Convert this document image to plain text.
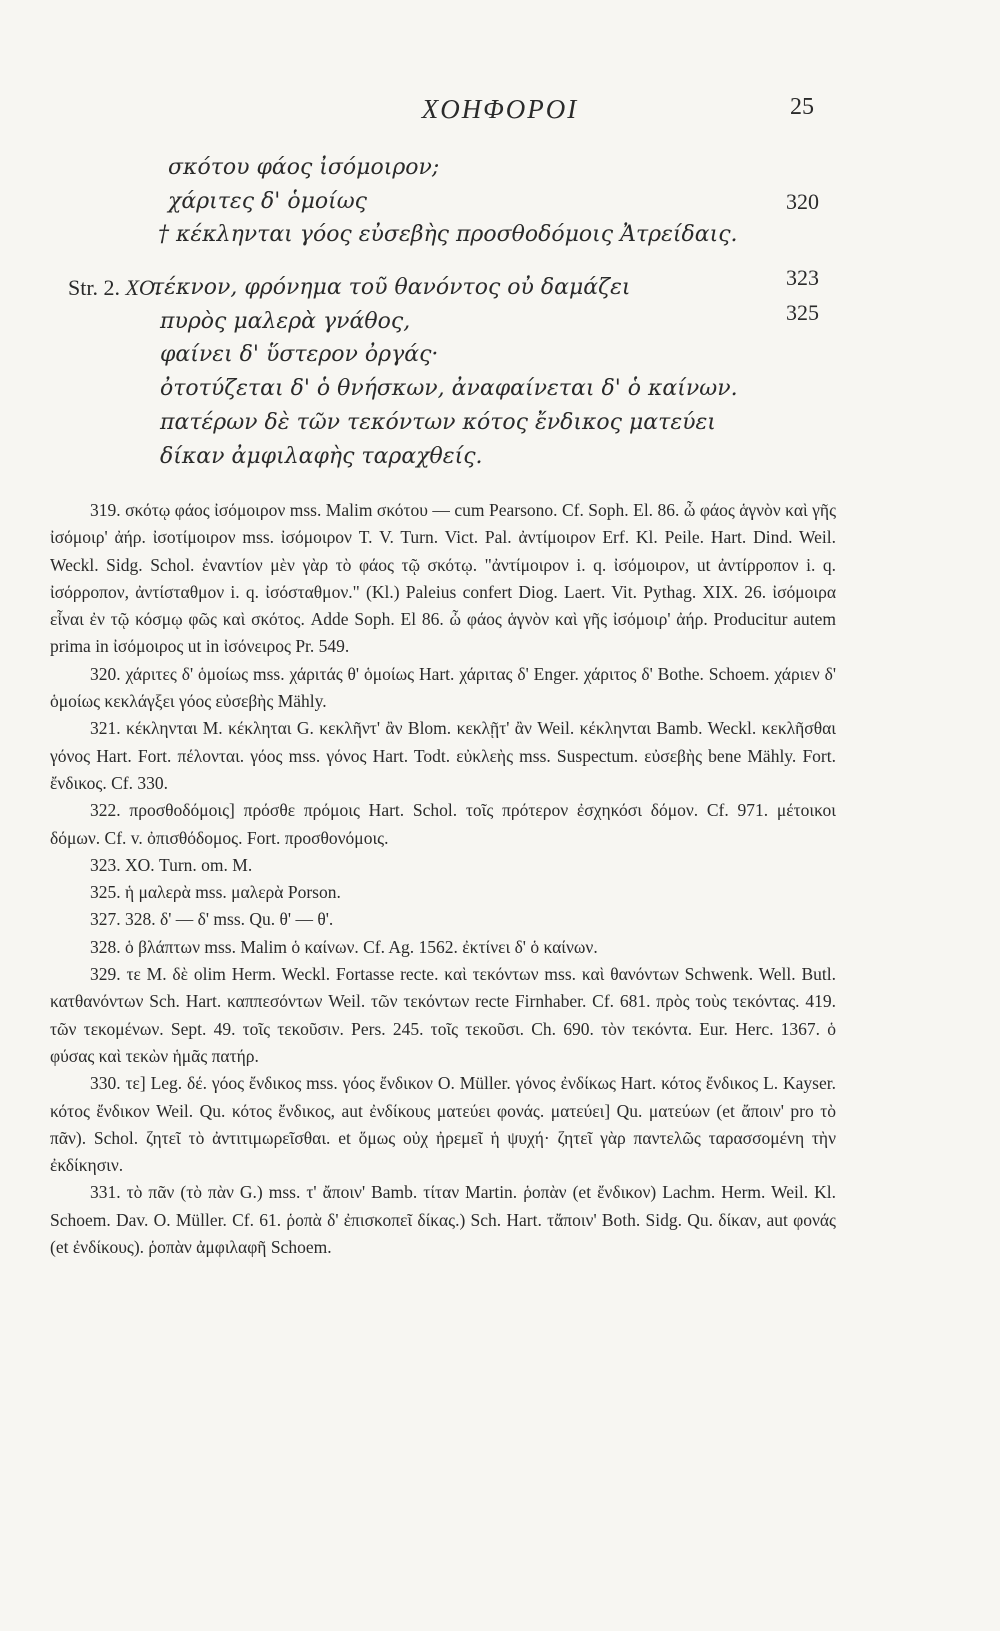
ΧΟΗΦΟΡΟΙ	25
Str. 2. ΧΟ.
σκότου φάος ἰσόμοιρον;
χάριτες δ' ὁμοίως
† κέκληνται γόος εὐσεβὴς προσθοδόμοις Ἀτρείδαις.
τέκνον, φρόνημα τοῦ θανόντος οὐ δαμάζει
πυρὸς μαλερὰ γνάθος,
φαίνει δ' ὕστερον ὀργάς·
ὀτοτύζεται δ' ὁ θνήσκων, ἀναφαίνεται δ' ὁ καίνων.
πατέρων δὲ τῶν τεκόντων κότος ἔνδικος ματεύει
δίκαν ἀμφιλαφὴς ταραχθείς.
320
323
325

319. σκότῳ φάος ἰσόμοιρον mss. Malim σκότου — cum Pearsono. Cf. Soph. El. 86. ὦ φάος ἁγνὸν καὶ γῆς ἰσόμοιρ' ἀήρ. ἰσοτίμοιρον mss. ἰσόμοιρον T. V. Turn. Vict. Pal. ἀντίμοιρον Erf. Kl. Peile. Hart. Dind. Weil. Weckl. Sidg. Schol. ἐναντίον μὲν γὰρ τὸ φάος τῷ σκότῳ. "ἀντίμοιρον i. q. ἰσόμοιρον, ut ἀντίρροπον i. q. ἰσόρροπον, ἀντίσταθμον i. q. ἰσόσταθμον." (Kl.) Paleius confert Diog. Laert. Vit. Pythag. XIX. 26. ἰσόμοιρα εἶναι ἐν τῷ κόσμῳ φῶς καὶ σκότος. Adde Soph. El 86. ὦ φάος ἁγνὸν καὶ γῆς ἰσόμοιρ' ἀήρ. Producitur autem prima in ἰσόμοιρος ut in ἰσόνειρος Pr. 549.

320. χάριτες δ' ὁμοίως mss. χάριτάς θ' ὁμοίως Hart. χάριτας δ' Enger. χάριτος δ' Bothe. Schoem. χάριεν δ' ὁμοίως κεκλάγξει γόος εὐσεβὴς Mähly.

321. κέκληνται M. κέκληται G. κεκλῆντ' ἂν Blom. κεκλῇτ' ἂν Weil. κέκληνται Bamb. Weckl. κεκλῆσθαι γόνος Hart. Fort. πέλονται. γόος mss. γόνος Hart. Todt. εὐκλεὴς mss. Suspectum. εὐσεβὴς bene Mähly. Fort. ἔνδικος. Cf. 330.

322. προσθοδόμοις] πρόσθε πρόμοις Hart. Schol. τοῖς πρότερον ἐσχηκόσι δόμον. Cf. 971. μέτοικοι δόμων. Cf. v. ὀπισθόδομος. Fort. προσθονόμοις.

323. ΧΟ. Turn. om. M.

325. ἡ μαλερὰ mss. μαλερὰ Porson.

327. 328. δ' — δ' mss. Qu. θ' — θ'.

328. ὁ βλάπτων mss. Malim ὁ καίνων. Cf. Ag. 1562. ἐκτίνει δ' ὁ καίνων.

329. τε M. δὲ olim Herm. Weckl. Fortasse recte. καὶ τεκόντων mss. καὶ θανόντων Schwenk. Well. Butl. κατθανόντων Sch. Hart. καππεσόντων Weil. τῶν τεκόντων recte Firnhaber. Cf. 681. πρὸς τοὺς τεκόντας. 419. τῶν τεκομένων. Sept. 49. τοῖς τεκοῦσιν. Pers. 245. τοῖς τεκοῦσι. Ch. 690. τὸν τεκόντα. Eur. Herc. 1367. ὁ φύσας καὶ τεκὼν ἡμᾶς πατήρ.

330. τε] Leg. δέ. γόος ἔνδικος mss. γόος ἔνδικον O. Müller. γόνος ἐνδίκως Hart. κότος ἔνδικος L. Kayser. κότος ἔνδικον Weil. Qu. κότος ἔνδικος, aut ἐνδίκους ματεύει φονάς. ματεύει] Qu. ματεύων (et ἄποιν' pro τὸ πᾶν). Schol. ζητεῖ τὸ ἀντιτιμωρεῖσθαι. et ὅμως οὐχ ἠρεμεῖ ἡ ψυχή· ζητεῖ γὰρ παντελῶς ταρασσομένη τὴν ἐκδίκησιν.

331. τὸ πᾶν (τὸ πὰν G.) mss. τ' ἄποιν' Bamb. τίταν Martin. ῥοπὰν (et ἔνδικον) Lachm. Herm. Weil. Kl. Schoem. Dav. O. Müller. Cf. 61. ῥοπὰ δ' ἐπισκοπεῖ δίκας.) Sch. Hart. τἄποιν' Both. Sidg. Qu. δίκαν, aut φονάς (et ἐνδίκους). ῥοπὰν ἀμφιλαφῆ Schoem.
